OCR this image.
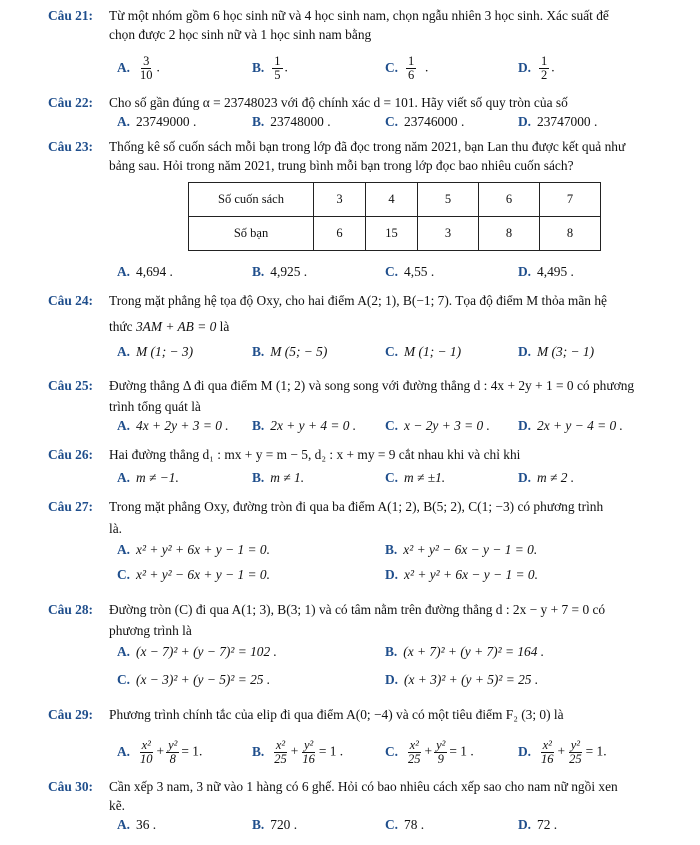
Câu 21: Từ một nhóm gồm 6 học sinh nữ và 4 học sinh nam, chọn ngẫu nhiên 3 học sinh. Xác suất để
chọn được 2 học sinh nữ và 1 học sinh nam bằng
A. $\frac{3}{10}$ .	B. $\frac{1}{5}$ .	C. $\frac{1}{6}$ .	D. $\frac{1}{2}$ .
Câu 22: Cho số gần đúng α = 23748023 với độ chính xác d = 101. Hãy viết số quy tròn của số
A. 23749000 .	B. 23748000 .	C. 23746000 .	D. 23747000 .
Câu 23: Thống kê số cuốn sách mỗi bạn trong lớp đã đọc trong năm 2021, bạn Lan thu được kết quả như
bảng sau. Hỏi trong năm 2021, trung bình mỗi bạn trong lớp đọc bao nhiêu cuốn sách?
Số cuốn sách	3	4	5	6	7
Số bạn	6	15	3	8	8
A. 4,694 .	B. 4,925 .	C. 4,55 .	D. 4,495 .
Câu 24: Trong mặt phẳng hệ tọa độ Oxy, cho hai điểm A(2; 1), B(−1; 7). Tọa độ điểm M thỏa mãn hệ
thức 3AM + AB = 0 là
A. M (1; − 3)	B. M (5; − 5)	C. M (1; − 1)	D. M (3; − 1)
Câu 25: Đường thẳng Δ đi qua điểm M (1; 2) và song song với đường thẳng d : 4x + 2y + 1 = 0 có phương
trình tổng quát là
A. 4x + 2y + 3 = 0 . B. 2x + y + 4 = 0 . C. x − 2y + 3 = 0 . D. 2x + y − 4 = 0 .
Câu 26: Hai đường thẳng d₁ : mx + y = m − 5, d₂ : x + my = 9 cắt nhau khi và chỉ khi
A. m ≠ −1.	B. m ≠ 1.	C. m ≠ ±1.	D. m ≠ 2 .
Câu 27: Trong mặt phẳng Oxy, đường tròn đi qua ba điểm A(1; 2), B(5; 2), C(1; −3) có phương trình
là.
A. x² + y² + 6x + y − 1 = 0.	B. x² + y² − 6x − y − 1 = 0.
C. x² + y² − 6x + y − 1 = 0.	D. x² + y² + 6x − y − 1 = 0.
Câu 28: Đường tròn (C) đi qua A(1; 3), B(3; 1) và có tâm nằm trên đường thẳng d : 2x − y + 7 = 0 có
phương trình là
A. (x − 7)² + (y − 7)² = 102 .	B. (x + 7)² + (y + 7)² = 164 .
C. (x − 3)² + (y − 5)² = 25 .	D. (x + 3)² + (y + 5)² = 25 .
Câu 29: Phương trình chính tắc của elip đi qua điểm A(0; −4) và có một tiêu điểm F₂ (3; 0) là
A. $\frac{\text{x²}}{10} + \frac{\text{y²}}{8} = 1$.	B. $\frac{\text{x²}}{25} + \frac{\text{y²}}{16} = 1$ .	C. $\frac{\text{x²}}{25} + \frac{\text{y²}}{9} = 1$ .	D. $\frac{\text{x²}}{16} + \frac{\text{y²}}{25} = 1$.
Câu 30: Cần xếp 3 nam, 3 nữ vào 1 hàng có 6 ghế. Hỏi có bao nhiêu cách xếp sao cho nam nữ ngồi xen
kẽ.
A. 36 .	B. 720 .	C. 78 .	D. 72 .
